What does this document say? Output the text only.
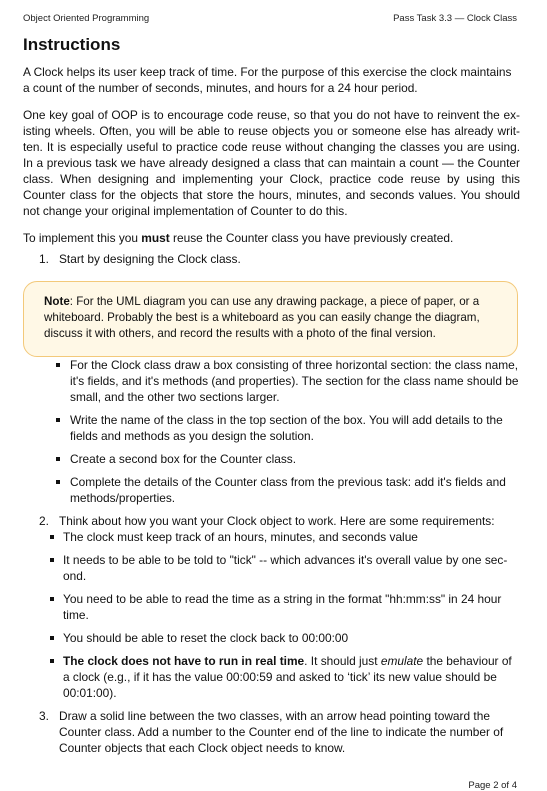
Object Oriented Programming	Pass Task 3.3 — Clock Class
Instructions

A Clock helps its user keep track of time. For the purpose of this exercise the clock maintains a count of the number of seconds, minutes, and hours for a 24 hour period.

One key goal of OOP is to encourage code reuse, so that you do not have to reinvent the ex-isting wheels. Often, you will be able to reuse objects you or someone else has already writ-ten. It is especially useful to practice code reuse without changing the classes you are using. In a previous task we have already designed a class that can maintain a count — the Counter class. When designing and implementing your Clock, practice code reuse by using this Counter class for the objects that store the hours, minutes, and seconds values. You should not change your original implementation of Counter to do this.

To implement this you must reuse the Counter class you have previously created.

1. Start by designing the Clock class.
Note: For the UML diagram you can use any drawing package, a piece of paper, or a whiteboard. Probably the best is a whiteboard as you can easily change the diagram, discuss it with others, and record the results with a photo of the final version.
For the Clock class draw a box consisting of three horizontal section: the class name, it's fields, and it's methods (and properties). The section for the class name should be small, and the other two sections larger.
Write the name of the class in the top section of the box. You will add details to the fields and methods as you design the solution.
Create a second box for the Counter class.
Complete the details of the Counter class from the previous task: add it's fields and methods/properties.
2. Think about how you want your Clock object to work. Here are some requirements:
The clock must keep track of an hours, minutes, and seconds value
It needs to be able to be told to "tick" -- which advances it's overall value by one sec-ond.
You need to be able to read the time as a string in the format "hh:mm:ss" in 24 hour time.
You should be able to reset the clock back to 00:00:00
The clock does not have to run in real time. It should just emulate the behaviour of a clock (e.g., if it has the value 00:00:59 and asked to ‘tick’ its new value should be 00:01:00).
3. Draw a solid line between the two classes, with an arrow head pointing toward the Counter class. Add a number to the Counter end of the line to indicate the number of Counter objects that each Clock object needs to know.
Page 2 of 4
